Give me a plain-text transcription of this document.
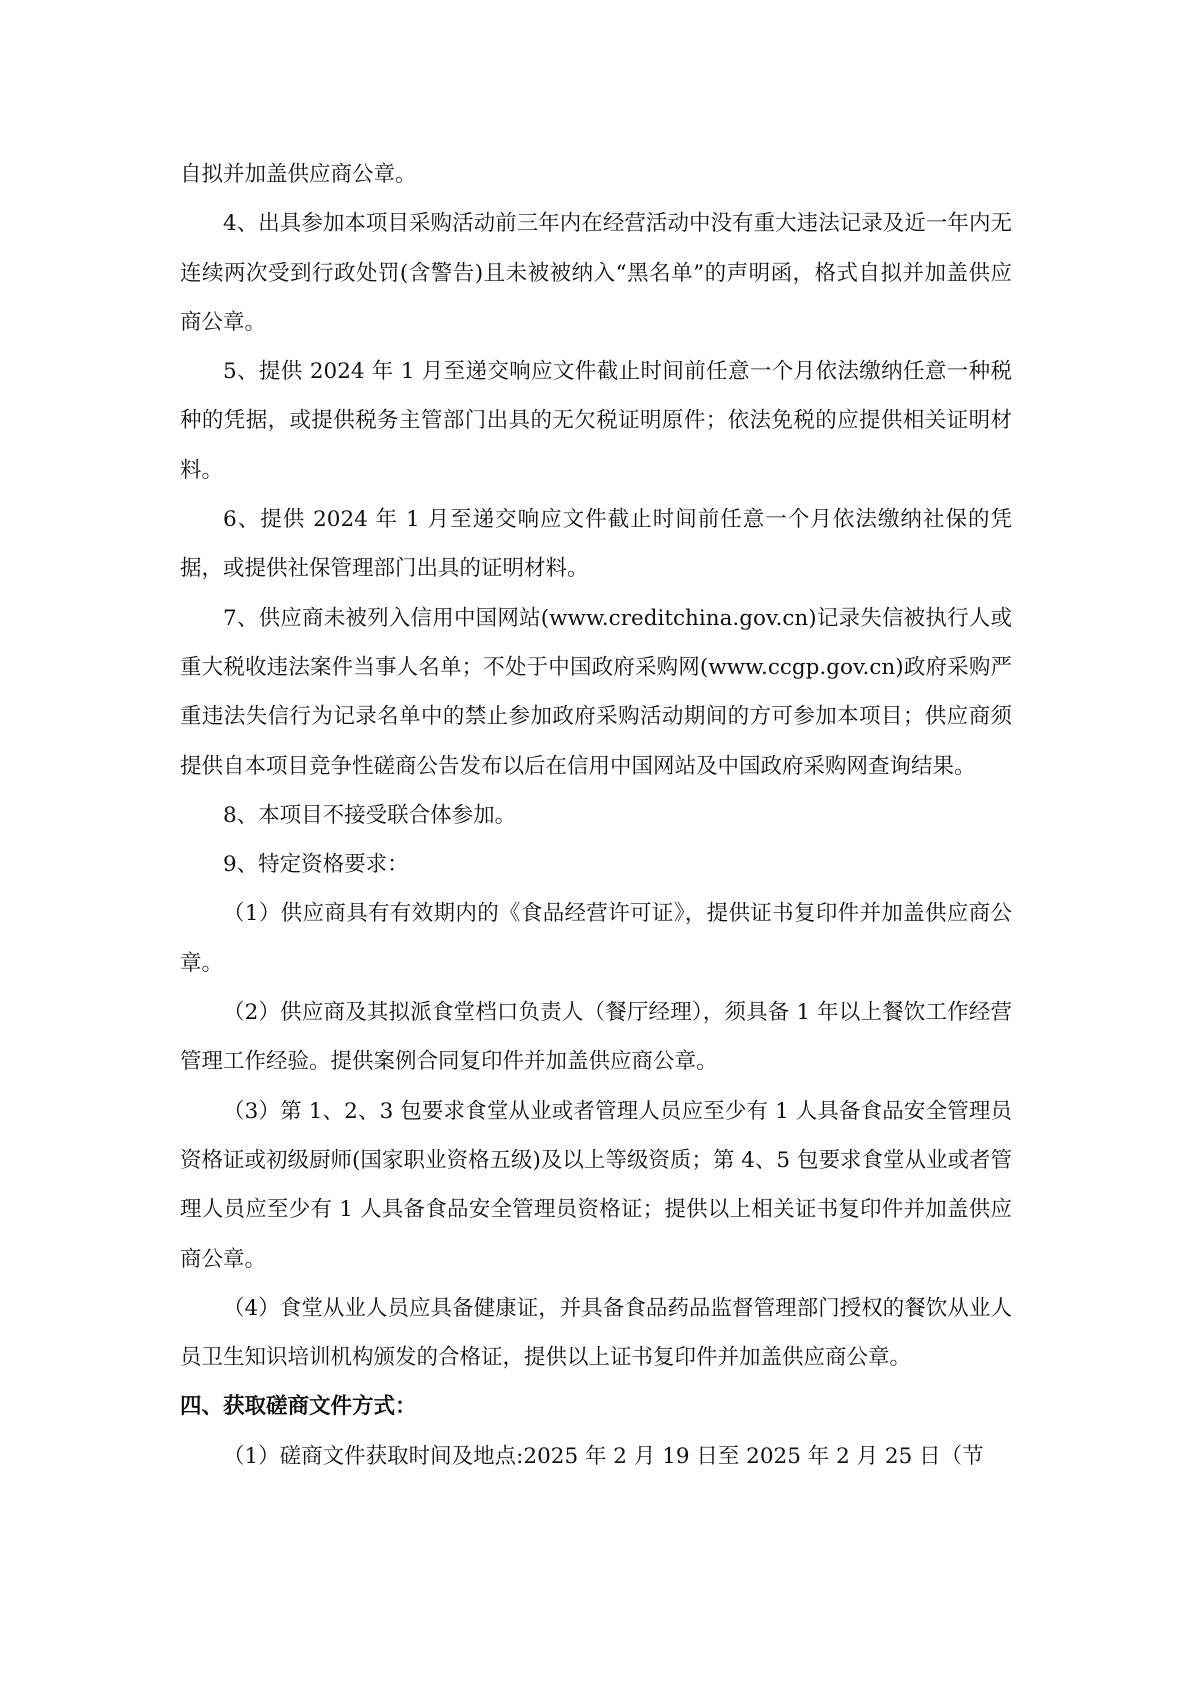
自拟并加盖供应商公章。

4、出具参加本项目采购活动前三年内在经营活动中没有重大违法记录及近一年内无连续两次受到行政处罚(含警告)且未被被纳入“黑名单”的声明函，格式自拟并加盖供应商公章。

5、提供 2024 年 1 月至递交响应文件截止时间前任意一个月依法缴纳任意一种税种的凭据，或提供税务主管部门出具的无欠税证明原件；依法免税的应提供相关证明材料。

6、提供 2024 年 1 月至递交响应文件截止时间前任意一个月依法缴纳社保的凭据，或提供社保管理部门出具的证明材料。

7、供应商未被列入信用中国网站(www.creditchina.gov.cn)记录失信被执行人或重大税收违法案件当事人名单；不处于中国政府采购网(www.ccgp.gov.cn)政府采购严重违法失信行为记录名单中的禁止参加政府采购活动期间的方可参加本项目；供应商须提供自本项目竞争性磋商公告发布以后在信用中国网站及中国政府采购网查询结果。

8、本项目不接受联合体参加。

9、特定资格要求：

（1）供应商具有有效期内的《食品经营许可证》，提供证书复印件并加盖供应商公章。

（2）供应商及其拟派食堂档口负责人（餐厅经理），须具备 1 年以上餐饮工作经营管理工作经验。提供案例合同复印件并加盖供应商公章。

（3）第 1、2、3 包要求食堂从业或者管理人员应至少有 1 人具备食品安全管理员资格证或初级厨师(国家职业资格五级)及以上等级资质；第 4、5 包要求食堂从业或者管理人员应至少有 1 人具备食品安全管理员资格证；提供以上相关证书复印件并加盖供应商公章。

（4）食堂从业人员应具备健康证，并具备食品药品监督管理部门授权的餐饮从业人员卫生知识培训机构颁发的合格证，提供以上证书复印件并加盖供应商公章。

四、获取磋商文件方式：

（1）磋商文件获取时间及地点:2025 年 2 月 19 日至 2025 年 2 月 25 日（节
